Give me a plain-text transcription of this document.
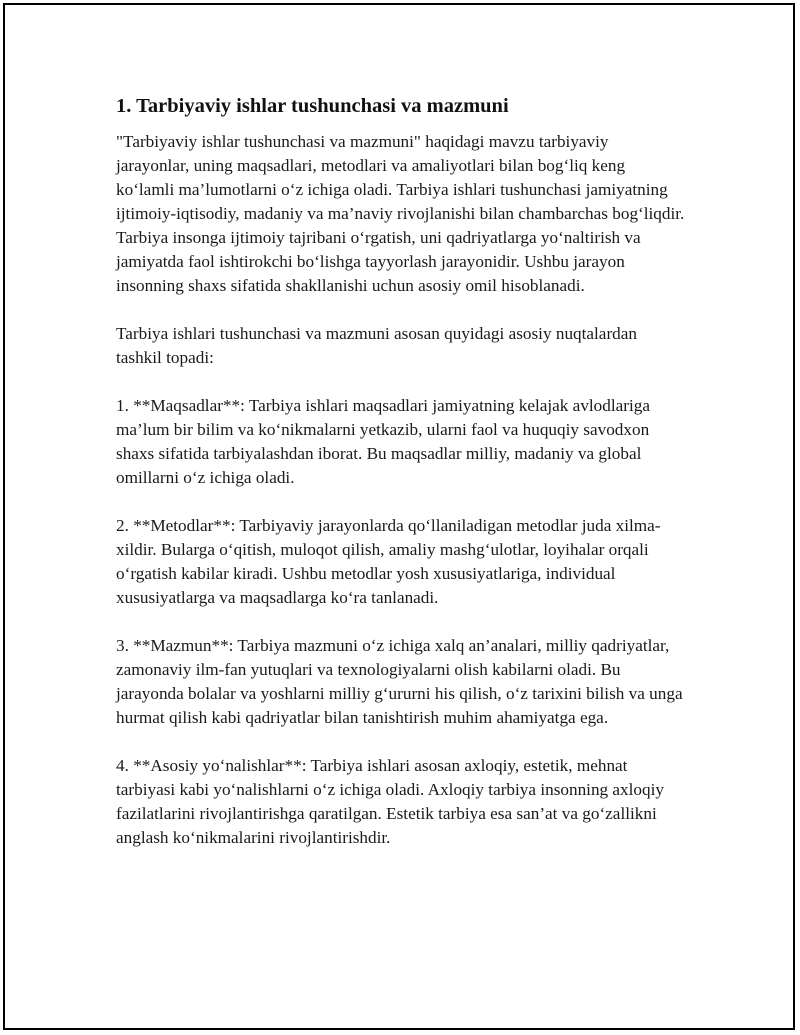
1. Tarbiyaviy ishlar tushunchasi va mazmuni

"Tarbiyaviy ishlar tushunchasi va mazmuni" haqidagi mavzu tarbiyaviy jarayonlar, uning maqsadlari, metodlari va amaliyotlari bilan bog‘liq keng ko‘lamli ma’lumotlarni o‘z ichiga oladi. Tarbiya ishlari tushunchasi jamiyatning ijtimoiy-iqtisodiy, madaniy va ma’naviy rivojlanishi bilan chambarchas bog‘liqdir. Tarbiya insonga ijtimoiy tajribani o‘rgatish, uni qadriyatlarga yo‘naltirish va jamiyatda faol ishtirokchi bo‘lishga tayyorlash jarayonidir. Ushbu jarayon insonning shaxs sifatida shakllanishi uchun asosiy omil hisoblanadi.

Tarbiya ishlari tushunchasi va mazmuni asosan quyidagi asosiy nuqtalardan tashkil topadi:

1. **Maqsadlar**: Tarbiya ishlari maqsadlari jamiyatning kelajak avlodlariga ma’lum bir bilim va ko‘nikmalarni yetkazib, ularni faol va huquqiy savodxon shaxs sifatida tarbiyalashdan iborat. Bu maqsadlar milliy, madaniy va global omillarni o‘z ichiga oladi.

2. **Metodlar**: Tarbiyaviy jarayonlarda qo‘llaniladigan metodlar juda xilma-xildir. Bularga o‘qitish, muloqot qilish, amaliy mashg‘ulotlar, loyihalar orqali o‘rgatish kabilar kiradi. Ushbu metodlar yosh xususiyatlariga, individual xususiyatlarga va maqsadlarga ko‘ra tanlanadi.

3. **Mazmun**: Tarbiya mazmuni o‘z ichiga xalq an’analari, milliy qadriyatlar, zamonaviy ilm-fan yutuqlari va texnologiyalarni olish kabilarni oladi. Bu jarayonda bolalar va yoshlarni milliy g‘ururni his qilish, o‘z tarixini bilish va unga hurmat qilish kabi qadriyatlar bilan tanishtirish muhim ahamiyatga ega.

4. **Asosiy yo‘nalishlar**: Tarbiya ishlari asosan axloqiy, estetik, mehnat tarbiyasi kabi yo‘nalishlarni o‘z ichiga oladi. Axloqiy tarbiya insonning axloqiy fazilatlarini rivojlantirishga qaratilgan. Estetik tarbiya esa san’at va go‘zallikni anglash ko‘nikmalarini rivojlantirishdir.
